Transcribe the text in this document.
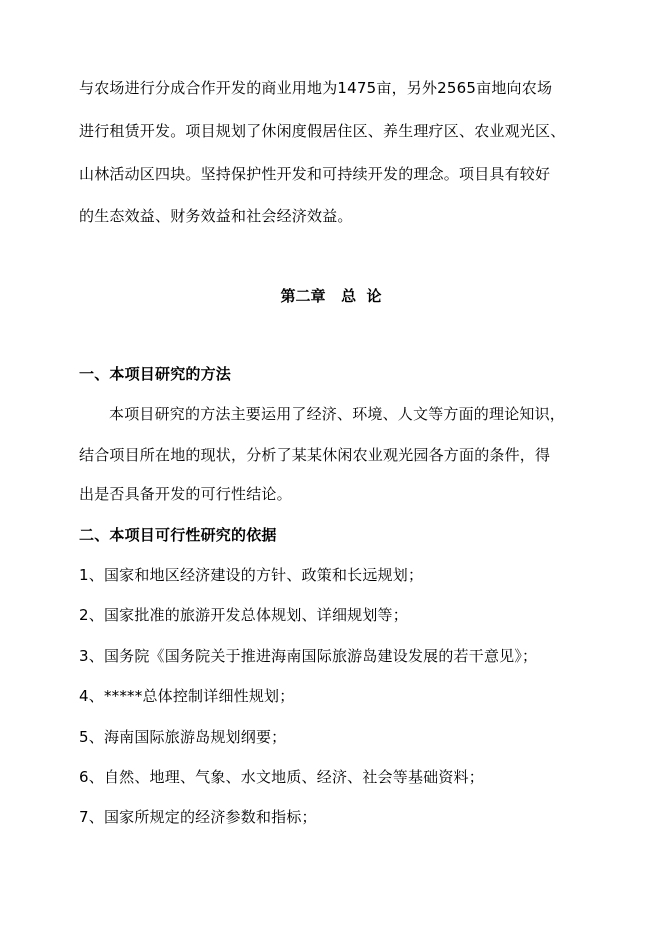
与农场进行分成合作开发的商业用地为1475亩，另外2565亩地向农场
进行租赁开发。项目规划了休闲度假居住区、养生理疗区、农业观光区、
山林活动区四块。坚持保护性开发和可持续开发的理念。项目具有较好
的生态效益、财务效益和社会经济效益。
第二章   总  论
一、本项目研究的方法
本项目研究的方法主要运用了经济、环境、人文等方面的理论知识，
结合项目所在地的现状，分析了某某休闲农业观光园各方面的条件，得
出是否具备开发的可行性结论。
二、本项目可行性研究的依据
1、国家和地区经济建设的方针、政策和长远规划；
2、国家批准的旅游开发总体规划、详细规划等；
3、国务院《国务院关于推进海南国际旅游岛建设发展的若干意见》；
4、*****总体控制详细性规划；
5、海南国际旅游岛规划纲要；
6、自然、地理、气象、水文地质、经济、社会等基础资料；
7、国家所规定的经济参数和指标；
